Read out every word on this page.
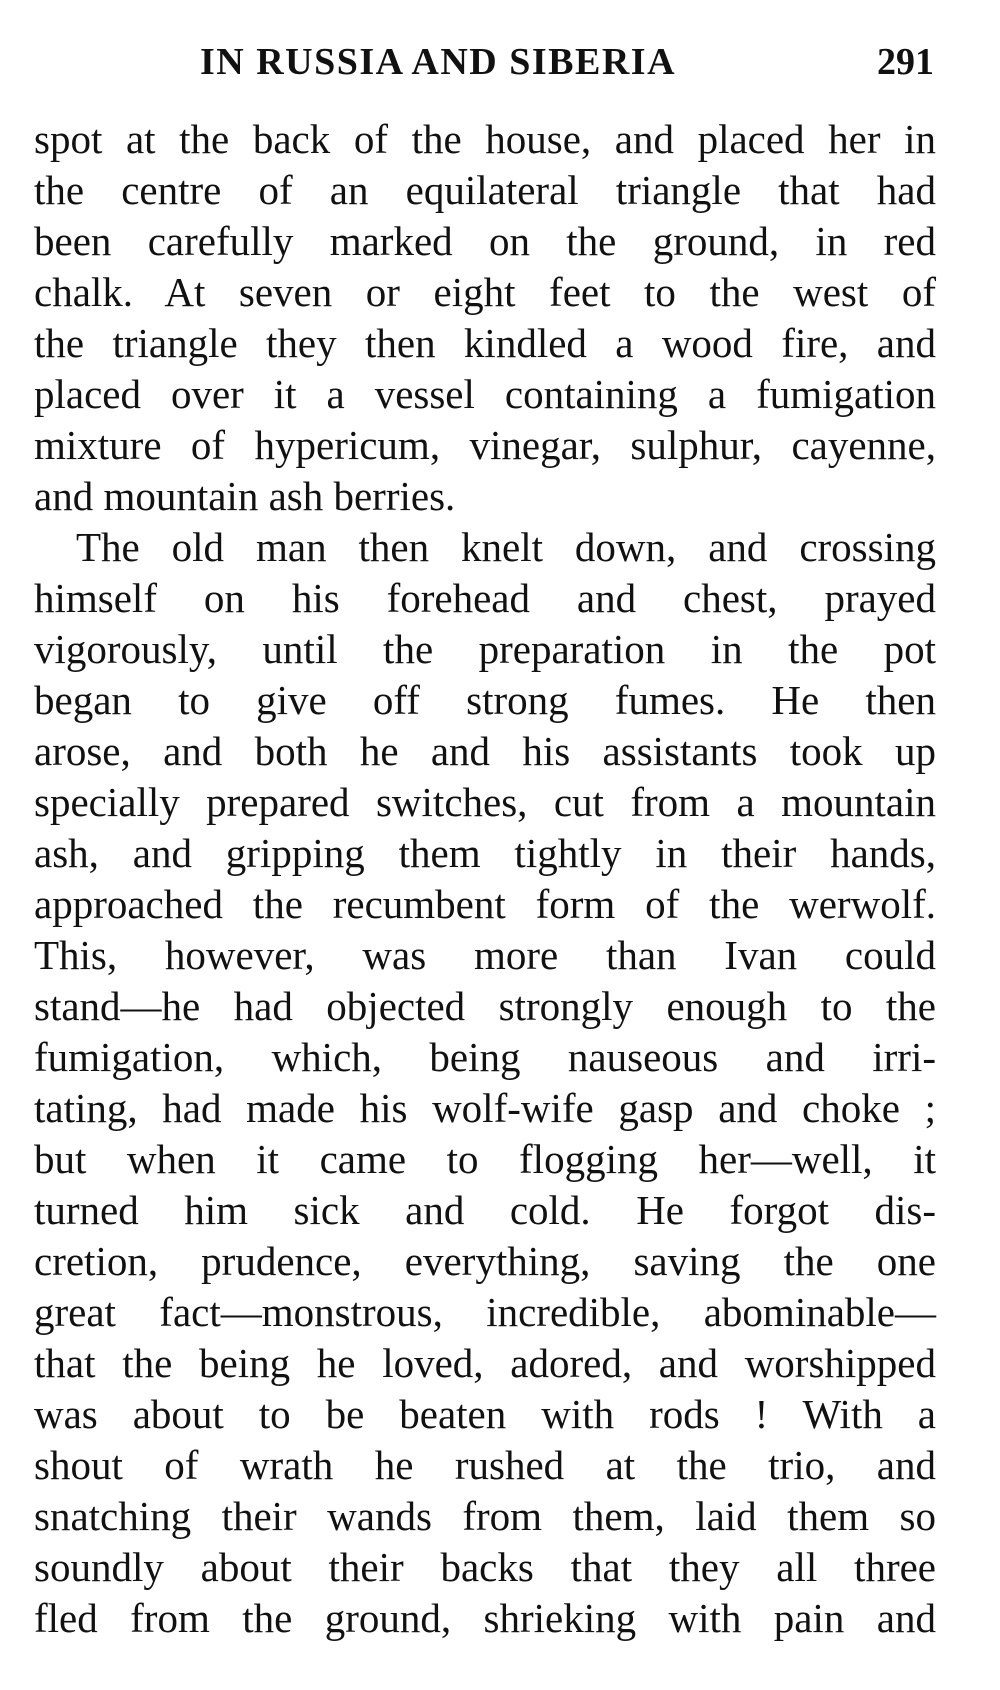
IN RUSSIA AND SIBERIA	291
spot at the back of the house, and placed her in
the centre of an equilateral triangle that had
been carefully marked on the ground, in red
chalk. At seven or eight feet to the west of
the triangle they then kindled a wood fire, and
placed over it a vessel containing a fumigation
mixture of hypericum, vinegar, sulphur, cayenne,
and mountain ash berries.
The old man then knelt down, and crossing
himself on his forehead and chest, prayed
vigorously, until the preparation in the pot
began to give off strong fumes. He then
arose, and both he and his assistants took up
specially prepared switches, cut from a mountain
ash, and gripping them tightly in their hands,
approached the recumbent form of the werwolf.
This, however, was more than Ivan could
stand—he had objected strongly enough to the
fumigation, which, being nauseous and irri-
tating, had made his wolf-wife gasp and choke ;
but when it came to flogging her—well, it
turned him sick and cold. He forgot dis-
cretion, prudence, everything, saving the one
great fact—monstrous, incredible, abominable—
that the being he loved, adored, and worshipped
was about to be beaten with rods ! With a
shout of wrath he rushed at the trio, and
snatching their wands from them, laid them so
soundly about their backs that they all three
fled from the ground, shrieking with pain and
